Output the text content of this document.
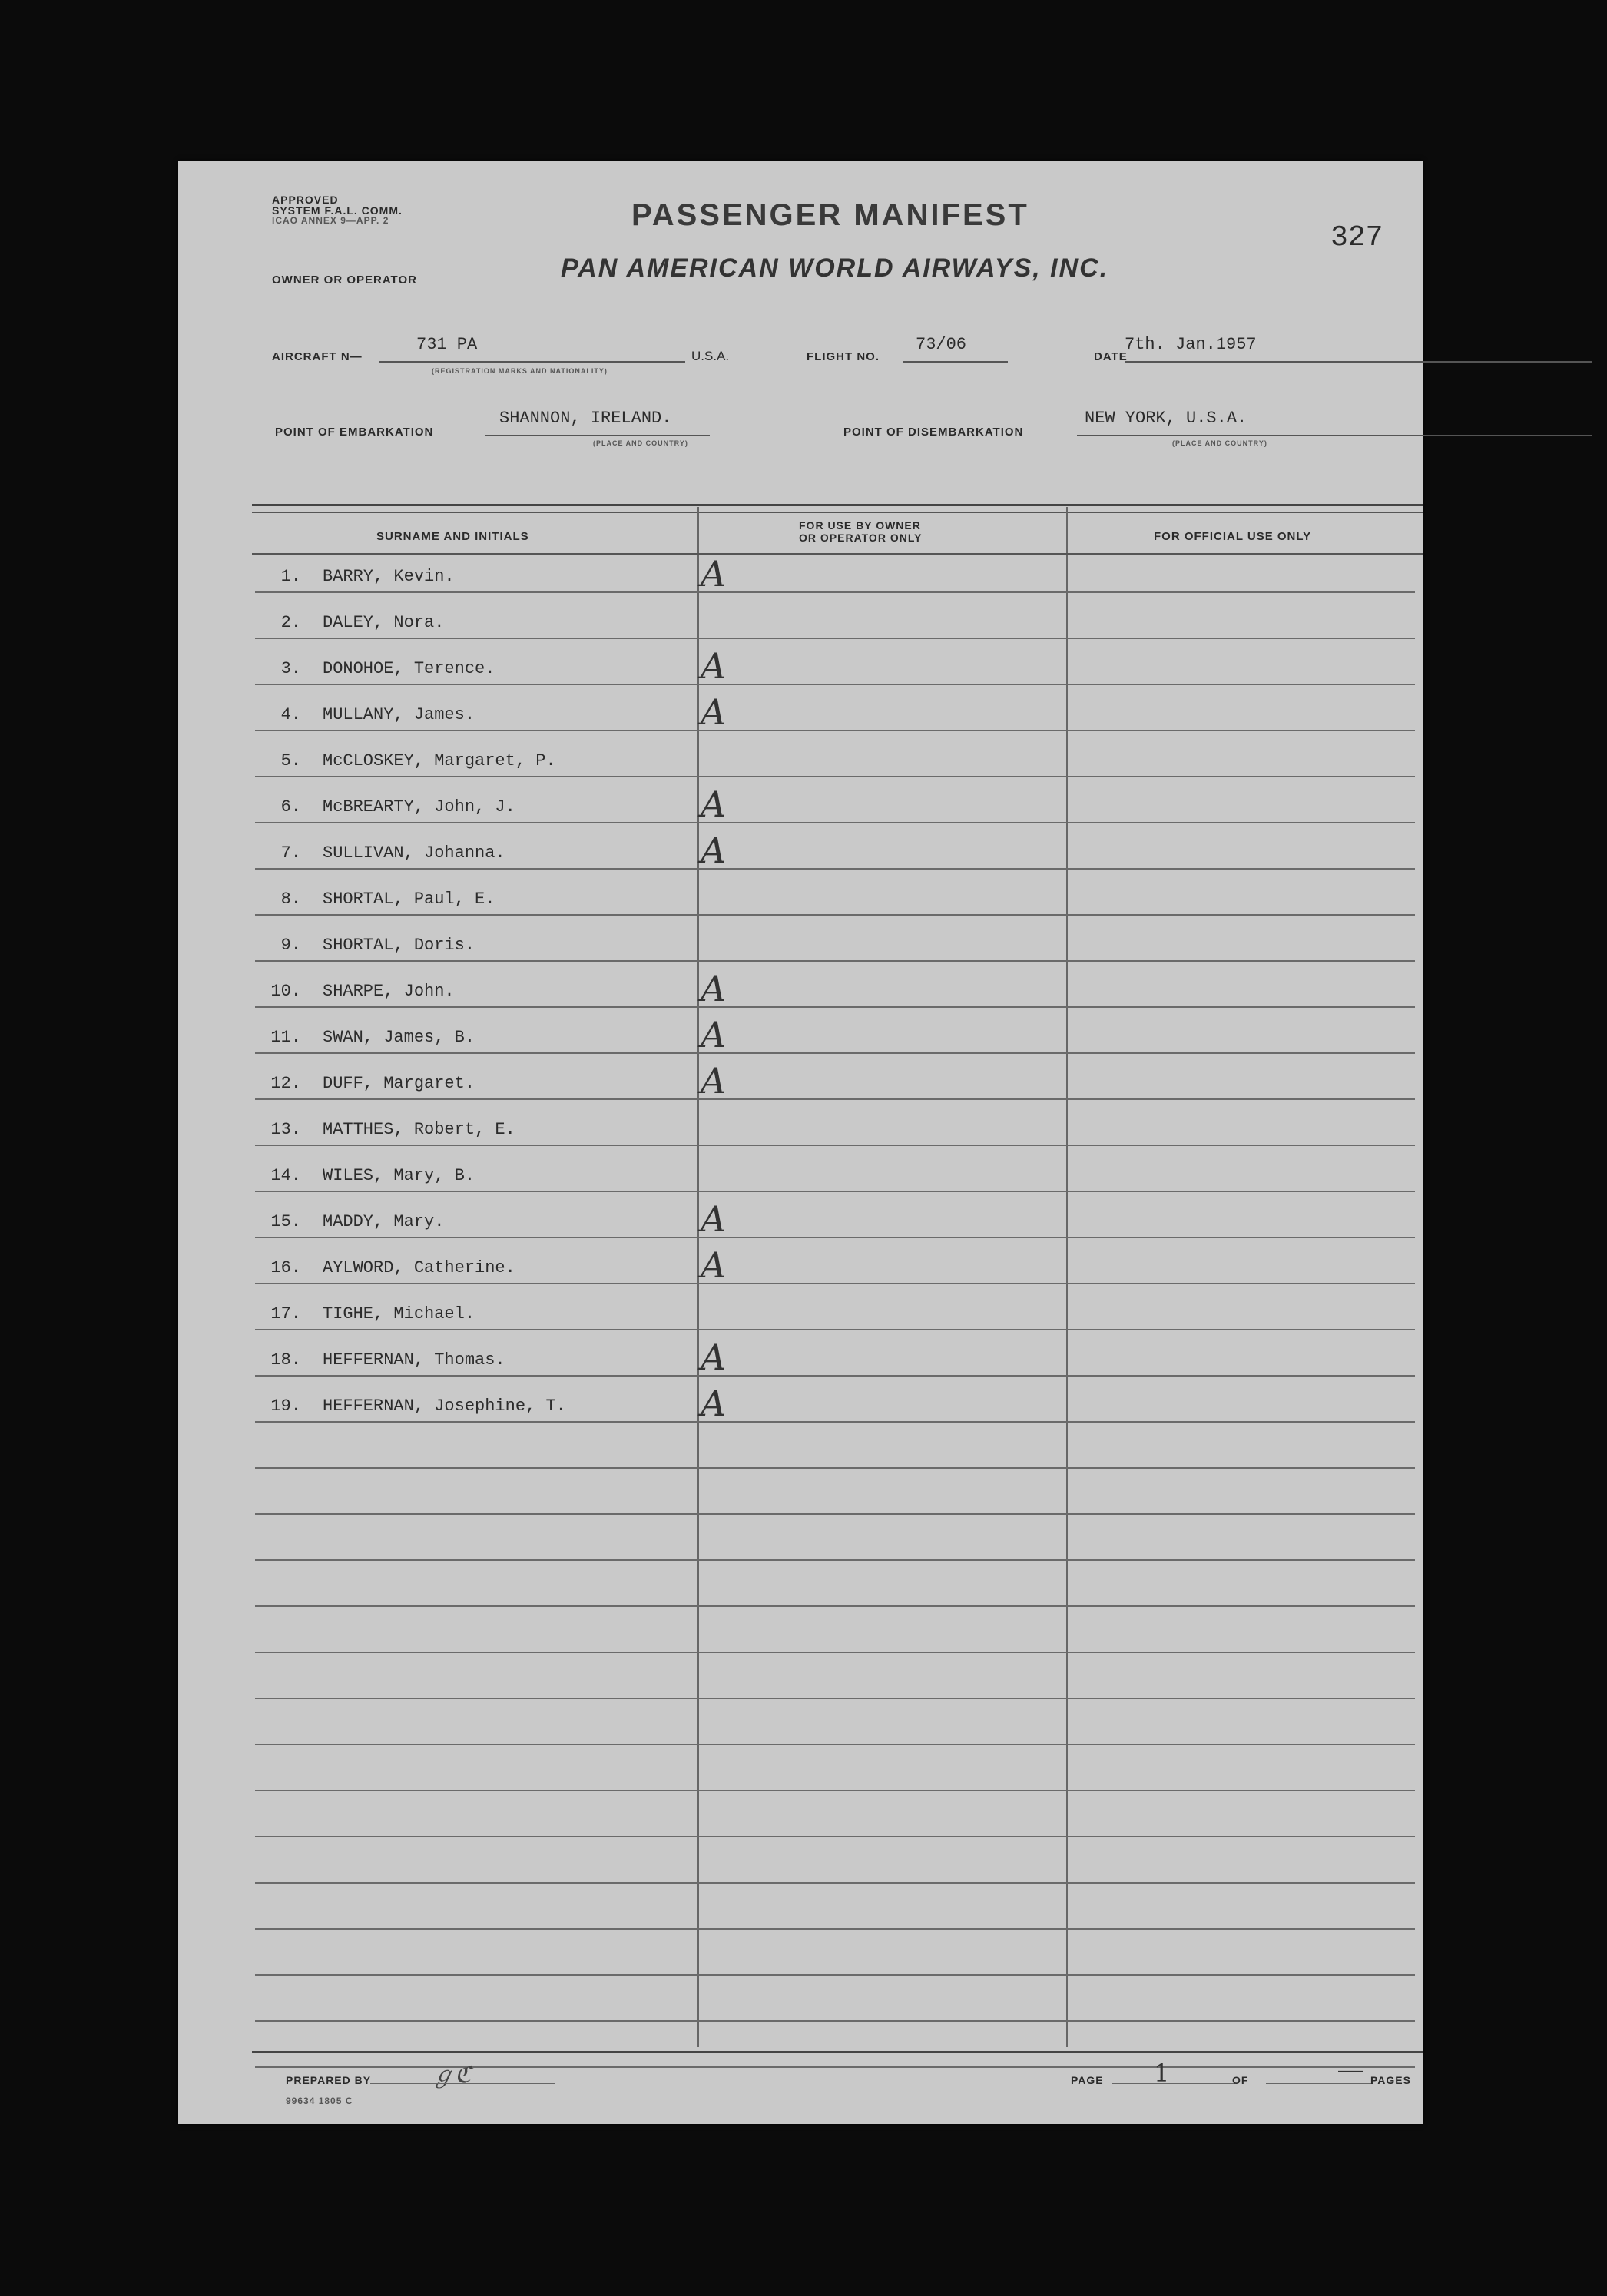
APPROVED
SYSTEM F.A.L. COMM.
ICAO ANNEX 9—APP. 2	PASSENGER MANIFEST
327
OWNER OR OPERATOR	PAN AMERICAN WORLD AIRWAYS, INC.
AIRCRAFT N—
731 PA
(REGISTRATION MARKS AND NATIONALITY)
U.S.A.	FLIGHT NO.
73/06
DATE
7th. Jan.1957
POINT OF EMBARKATION
SHANNON, IRELAND.
(PLACE AND COUNTRY)
POINT OF DISEMBARKATION
NEW YORK, U.S.A.
(PLACE AND COUNTRY)
SURNAME AND INITIALS
FOR USE BY OWNER
OR OPERATOR ONLY	FOR OFFICIAL USE ONLY
1. BARRY, Kevin.	A
2. DALEY, Nora.
3. DONOHOE, Terence.	A
4. MULLANY, James.	A
5. McCLOSKEY, Margaret, P.
6. McBREARTY, John, J.	A
7. SULLIVAN, Johanna.	A
8. SHORTAL, Paul, E.
9. SHORTAL, Doris.
10. SHARPE, John.	A
11. SWAN, James, B.	A
12. DUFF, Margaret.	A
13. MATTHES, Robert, E.
14. WILES, Mary, B.
15. MADDY, Mary.	A
16. AYLWORD, Catherine.	A
17. TIGHE, Michael.
18. HEFFERNAN, Thomas.	A
19. HEFFERNAN, Josephine, T.	A
PREPARED BY	ℊℭ
99634 1805 C
PAGE 1	OF	— PAGES
